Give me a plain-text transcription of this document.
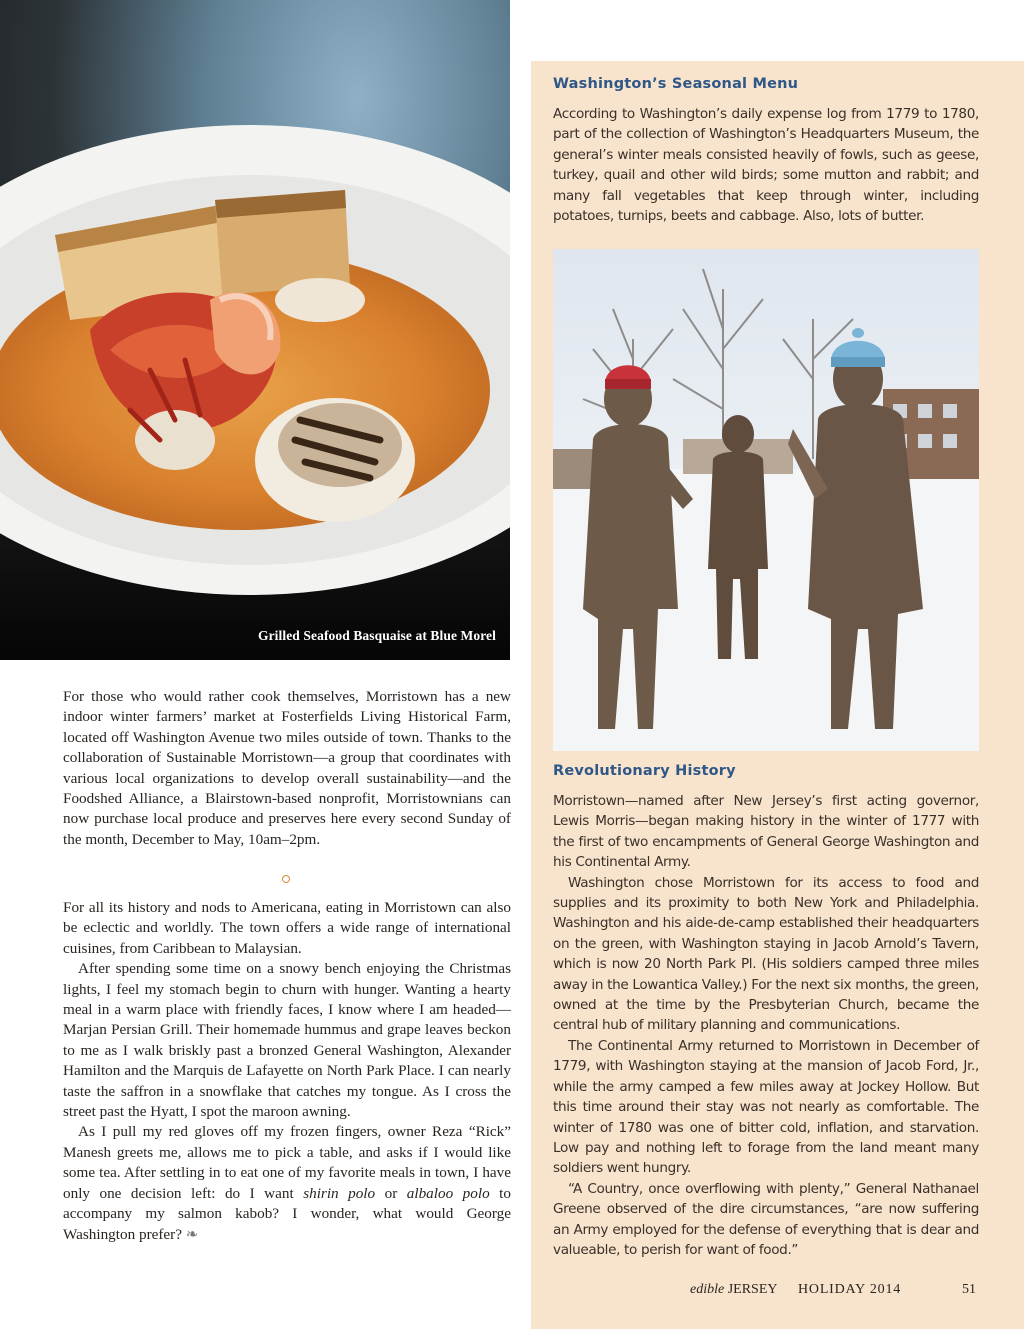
Grilled Seafood Basquaise at Blue Morel

For those who would rather cook themselves, Morristown has a new indoor winter farmers’ market at Fosterfields Living Historical Farm, located off Washington Avenue two miles outside of town. Thanks to the collaboration of Sustainable Morristown—a group that coordinates with various local organizations to develop overall sustainability—and the Foodshed Alliance, a Blairstown-based nonprofit, Morristownians can now purchase local produce and preserves here every second Sunday of the month, December to May, 10am–2pm.

For all its history and nods to Americana, eating in Morristown can also be eclectic and worldly. The town offers a wide range of international cuisines, from Caribbean to Malaysian.

After spending some time on a snowy bench enjoying the Christmas lights, I feel my stomach begin to churn with hunger. Wanting a hearty meal in a warm place with friendly faces, I know where I am headed—Marjan Persian Grill. Their homemade hummus and grape leaves beckon to me as I walk briskly past a bronzed General Washington, Alexander Hamilton and the Marquis de Lafayette on North Park Place. I can nearly taste the saffron in a snowflake that catches my tongue. As I cross the street past the Hyatt, I spot the maroon awning.

As I pull my red gloves off my frozen fingers, owner Reza “Rick” Manesh greets me, allows me to pick a table, and asks if I would like some tea. After settling in to eat one of my favorite meals in town, I have only one decision left: do I want shirin polo or albaloo polo to accompany my salmon kabob? I wonder, what would George Washington prefer? ❧

Washington’s Seasonal Menu

According to Washington’s daily expense log from 1779 to 1780, part of the collection of Washington’s Headquarters Museum, the general’s winter meals consisted heavily of fowls, such as geese, turkey, quail and other wild birds; some mutton and rabbit; and many fall vegetables that keep through winter, including potatoes, turnips, beets and cabbage. Also, lots of butter.

Revolutionary History

Morristown—named after New Jersey’s first acting governor, Lewis Morris—began making history in the winter of 1777 with the first of two encampments of General George Washington and his Continental Army.

Washington chose Morristown for its access to food and supplies and its proximity to both New York and Philadelphia. Washington and his aide-de-camp established their headquarters on the green, with Washington staying in Jacob Arnold’s Tavern, which is now 20 North Park Pl. (His soldiers camped three miles away in the Lowantica Valley.) For the next six months, the green, owned at the time by the Presbyterian Church, became the central hub of military planning and communications.

The Continental Army returned to Morristown in December of 1779, with Washington staying at the mansion of Jacob Ford, Jr., while the army camped a few miles away at Jockey Hollow. But this time around their stay was not nearly as comfortable. The winter of 1780 was one of bitter cold, inflation, and starvation. Low pay and nothing left to forage from the land meant many soldiers went hungry.

“A Country, once overflowing with plenty,” General Nathanael Greene observed of the dire circumstances, “are now suffering an Army employed for the defense of everything that is dear and valueable, to perish for want of food.”

edible JERSEY HOLIDAY 2014	51
